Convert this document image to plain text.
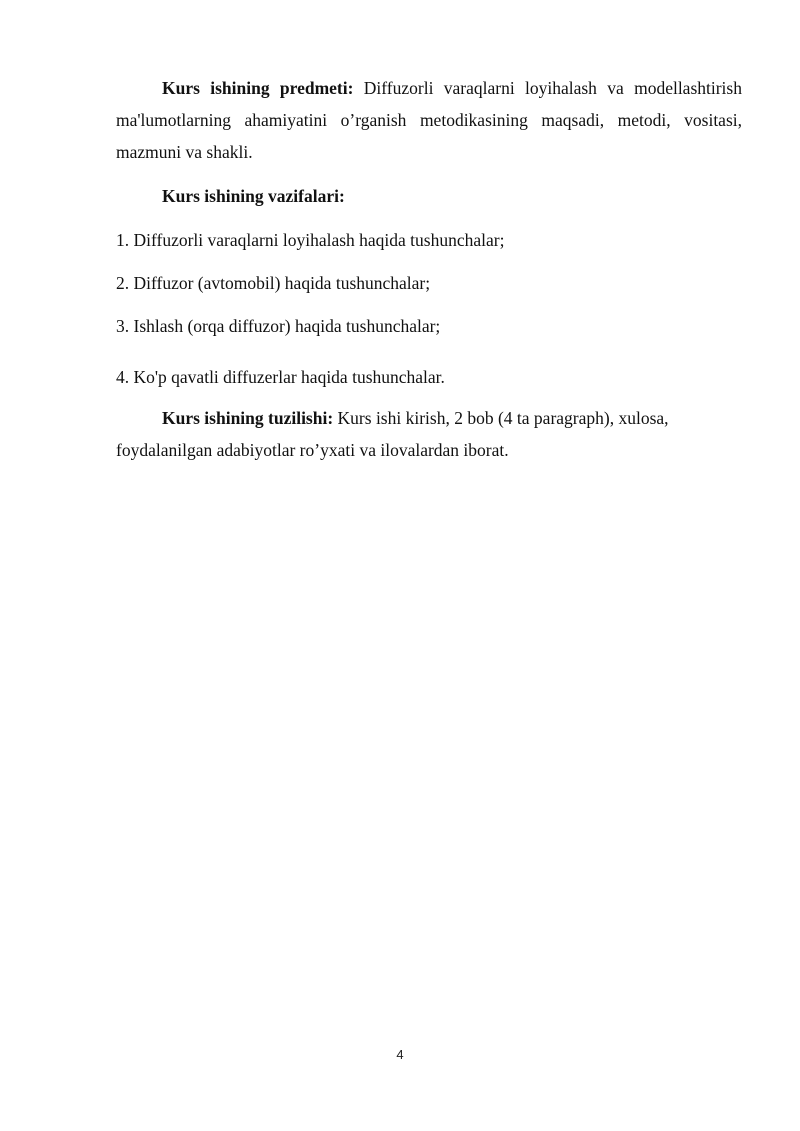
Kurs ishining predmeti: Diffuzorli varaqlarni loyihalash va modellashtirish ma'lumotlarning ahamiyatini o’rganish metodikasining maqsadi, metodi, vositasi, mazmuni va shakli.

Kurs ishining vazifalari:

1. Diffuzorli varaqlarni loyihalash haqida tushunchalar;

2. Diffuzor (avtomobil) haqida tushunchalar;

3. Ishlash (orqa diffuzor) haqida tushunchalar;

4. Ko'p qavatli diffuzerlar haqida tushunchalar.

Kurs ishining tuzilishi: Kurs ishi kirish, 2 bob (4 ta paragraph), xulosa, foydalanilgan adabiyotlar ro’yxati va ilovalardan iborat.

4
